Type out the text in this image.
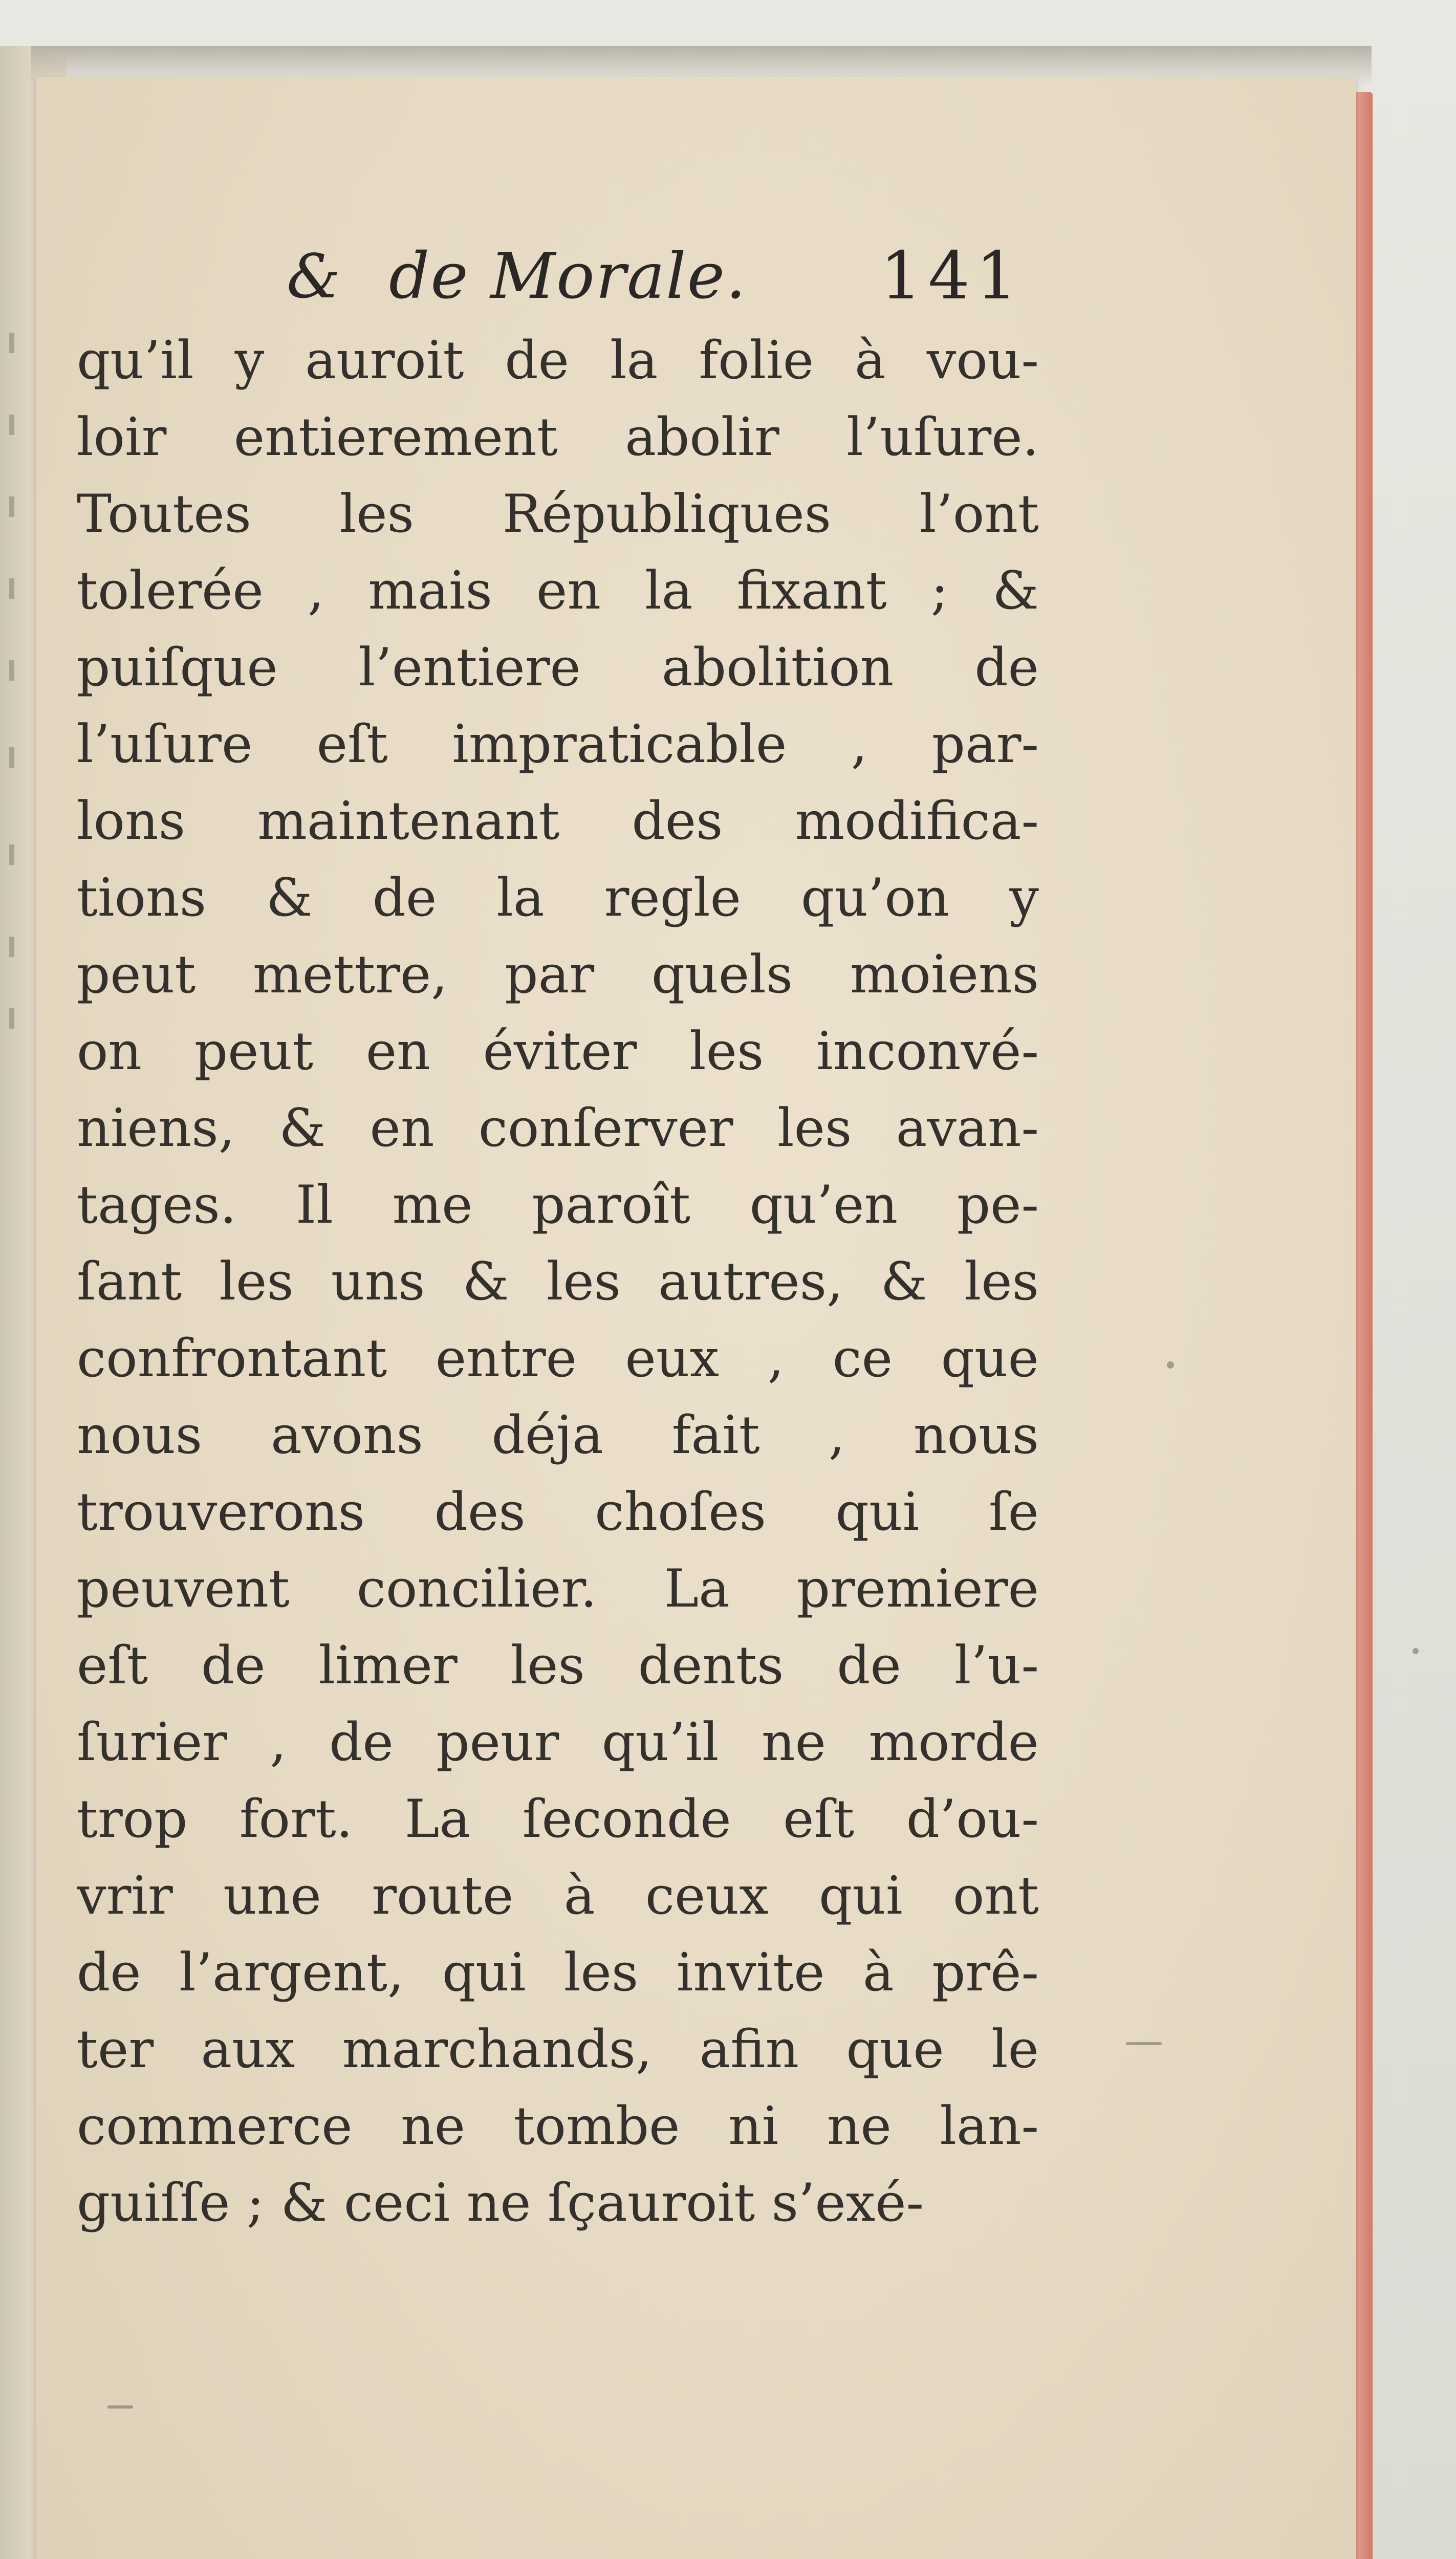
& de Morale. 141
qu’il y auroit de la folie à vou-
loir entierement abolir l’uſure.
Toutes les Républiques l’ont
tolerée , mais en la fixant ; &
puiſque l’entiere abolition de
l’uſure eſt impraticable , par-
lons maintenant des modifica-
tions & de la regle qu’on y
peut mettre, par quels moiens
on peut en éviter les inconvé-
niens, & en conſerver les avan-
tages. Il me paroît qu’en pe-
ſant les uns & les autres, & les
confrontant entre eux , ce que
nous avons déja fait , nous
trouverons des choſes qui ſe
peuvent concilier. La premiere
eſt de limer les dents de l’u-
ſurier , de peur qu’il ne morde
trop fort. La ſeconde eſt d’ou-
vrir une route à ceux qui ont
de l’argent, qui les invite à prê-
ter aux marchands, afin que le
commerce ne tombe ni ne lan-
guiſſe ; & ceci ne ſçauroit s’exé-
